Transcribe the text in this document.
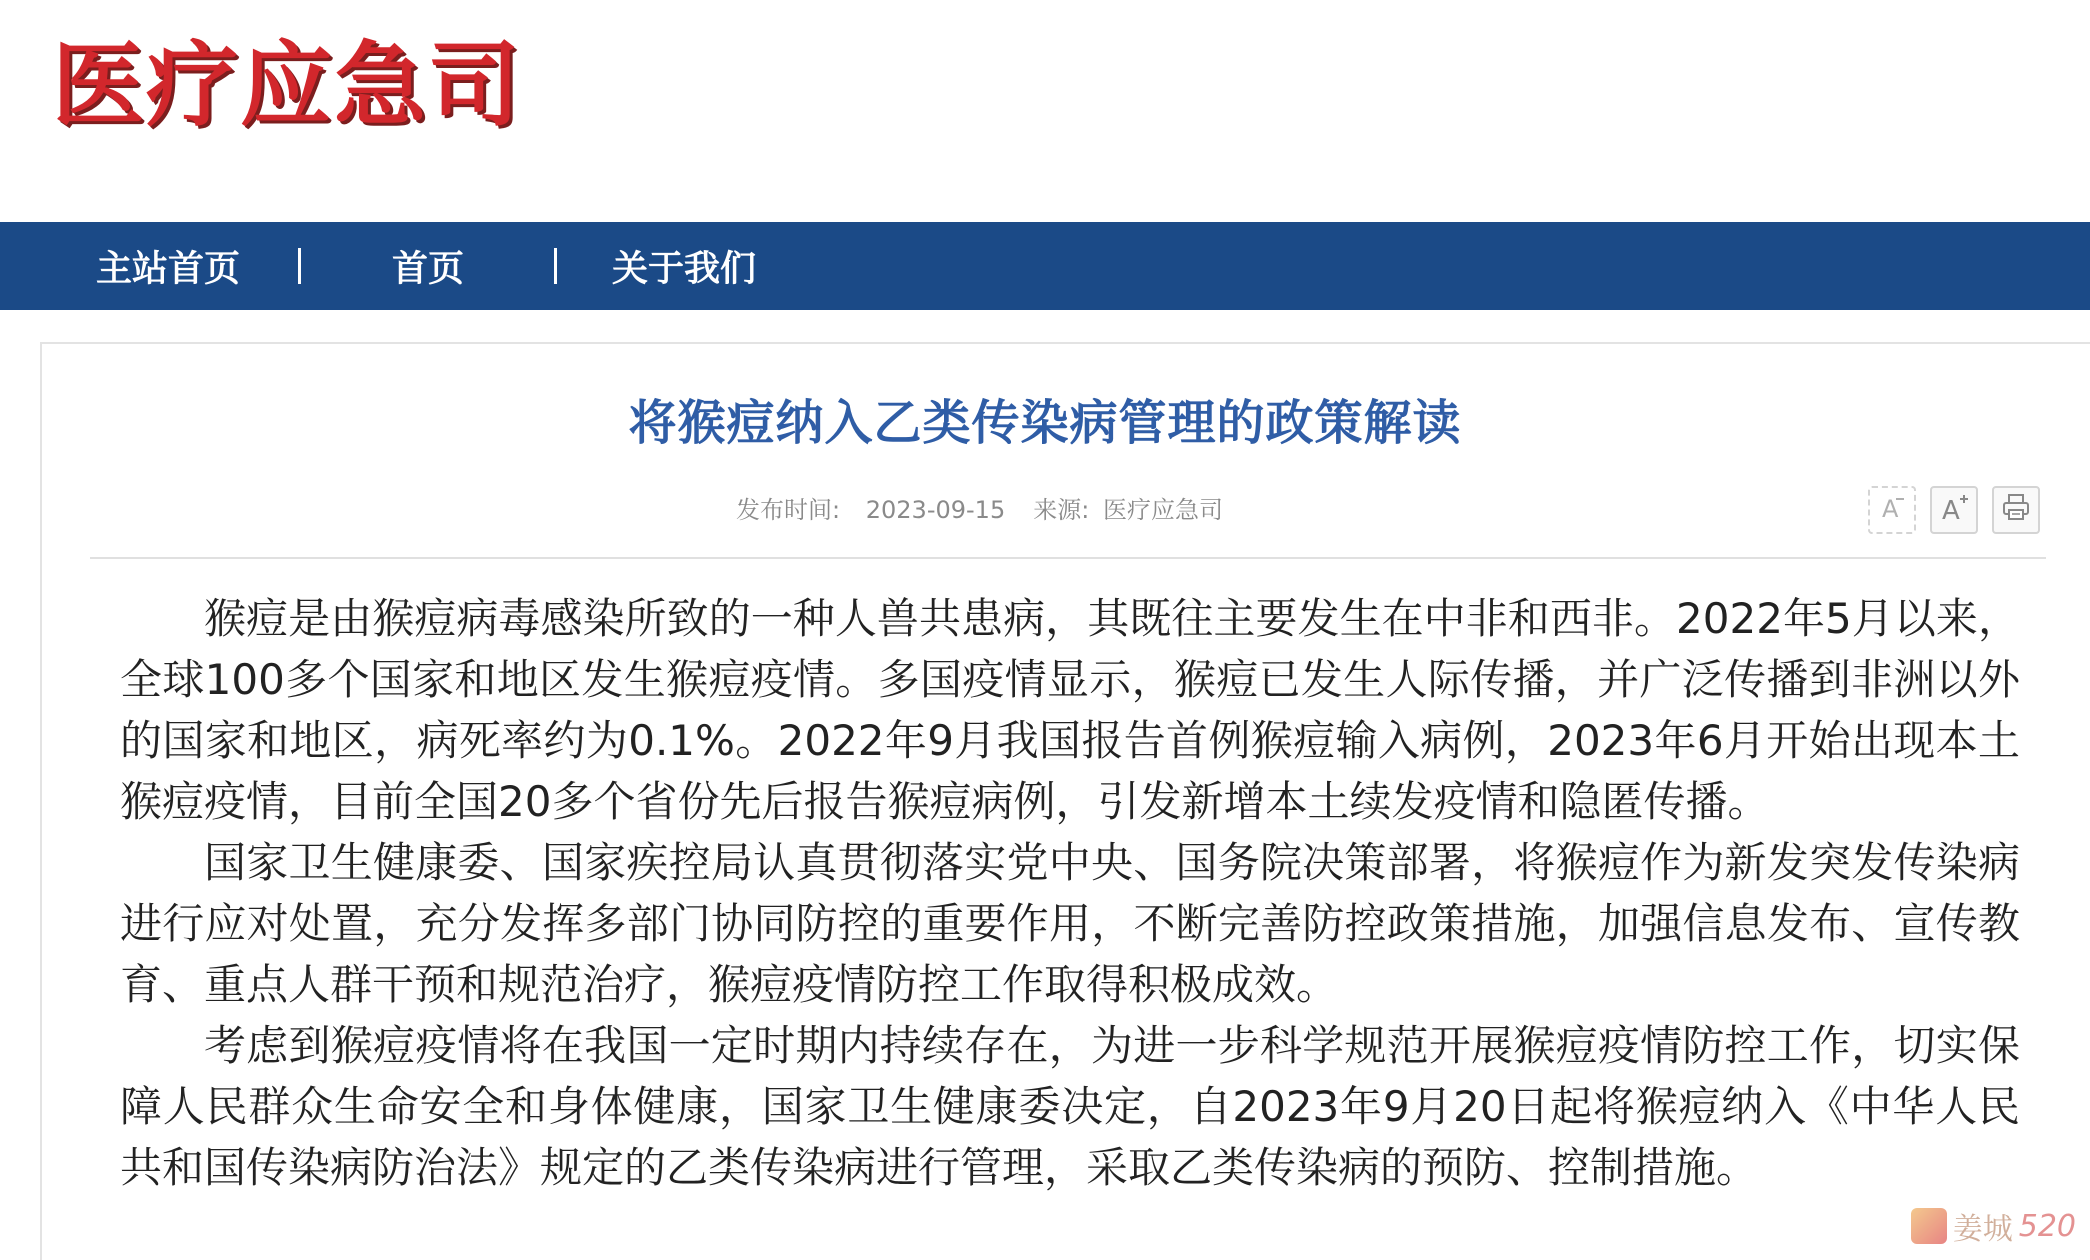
医疗应急司
主站首页	首页	关于我们
将猴痘纳入乙类传染病管理的政策解读
发布时间: 2023-09-15 来源: 医疗应急司	A A

猴痘是由猴痘病毒感染所致的一种人兽共患病，其既往主要发生在中非和西非。2022年5月以来，全球100多个国家和地区发生猴痘疫情。多国疫情显示，猴痘已发生人际传播，并广泛传播到非洲以外的国家和地区，病死率约为0.1%。2022年9月我国报告首例猴痘输入病例，2023年6月开始出现本土猴痘疫情，目前全国20多个省份先后报告猴痘病例，引发新增本土续发疫情和隐匿传播。

国家卫生健康委、国家疾控局认真贯彻落实党中央、国务院决策部署，将猴痘作为新发突发传染病进行应对处置，充分发挥多部门协同防控的重要作用，不断完善防控政策措施，加强信息发布、宣传教育、重点人群干预和规范治疗，猴痘疫情防控工作取得积极成效。

考虑到猴痘疫情将在我国一定时期内持续存在，为进一步科学规范开展猴痘疫情防控工作，切实保障人民群众生命安全和身体健康，国家卫生健康委决定，自2023年9月20日起将猴痘纳入《中华人民共和国传染病防治法》规定的乙类传染病进行管理，采取乙类传染病的预防、控制措施。

姜城 520
